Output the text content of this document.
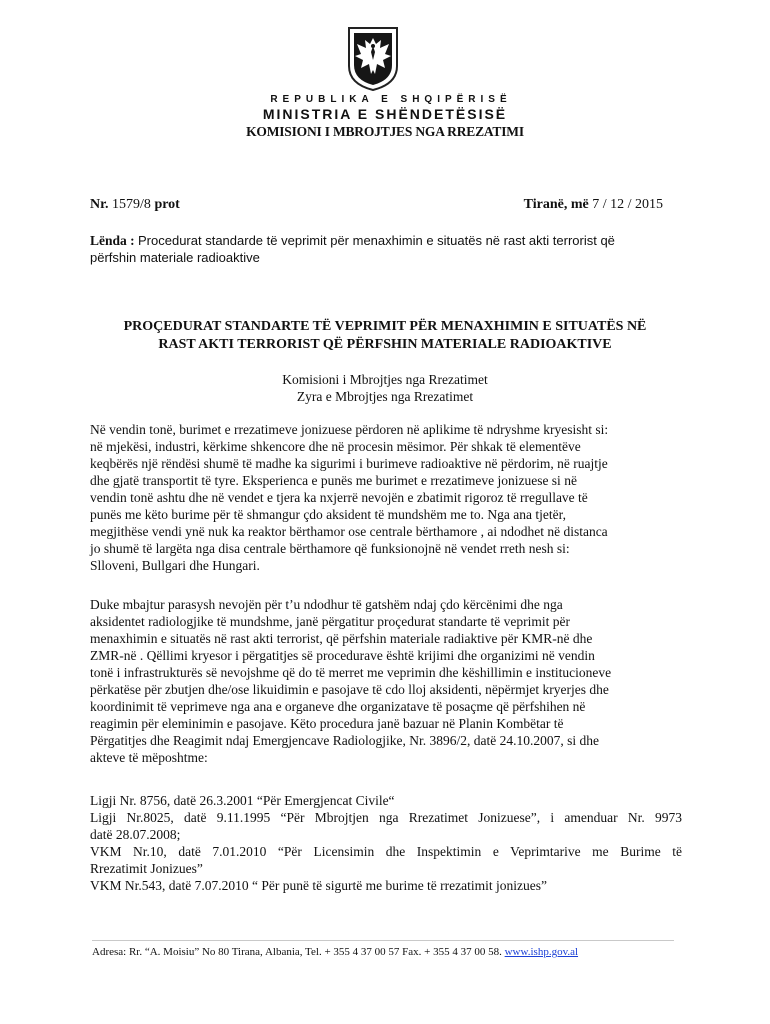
REPUBLIKA E SHQIPËRISË
MINISTRIA E SHËNDETËSISË
KOMISIONI I MBROJTJES NGA RREZATIMI
Nr. 1579/8 prot	Tiranë, më 7 / 12 / 2015
Lënda : Procedurat standarde të veprimit për menaxhimin e situatës në rast akti terrorist që
përfshin materiale radioaktive
PROÇEDURAT STANDARTE TË VEPRIMIT PËR MENAXHIMIN E SITUATËS NË
RAST AKTI TERRORIST QË PËRFSHIN MATERIALE RADIOAKTIVE
Komisioni i Mbrojtjes nga Rrezatimet
Zyra e Mbrojtjes nga Rrezatimet
Në vendin tonë, burimet e rrezatimeve jonizuese përdoren në aplikime të ndryshme kryesisht si:
në mjekësi, industri, kërkime shkencore dhe në procesin mësimor. Për shkak të elementëve
keqbërës një rëndësi shumë të madhe ka sigurimi i burimeve radioaktive në përdorim, në ruajtje
dhe gjatë transportit të tyre. Eksperienca e punës me burimet e rrezatimeve jonizuese si në
vendin tonë ashtu dhe në vendet e tjera ka nxjerrë nevojën e zbatimit rigoroz të rregullave të
punës me këto burime për të shmangur çdo aksident të mundshëm me to. Nga ana tjetër,
megjithëse vendi ynë nuk ka reaktor bërthamor ose centrale bërthamore , ai ndodhet në distanca
jo shumë të largëta nga disa centrale bërthamore që funksionojnë në vendet rreth nesh si:
Slloveni, Bullgari dhe Hungari.
Duke mbajtur parasysh nevojën për t’u ndodhur të gatshëm ndaj çdo kërcënimi dhe nga
aksidentet radiologjike të mundshme, janë përgatitur proçedurat standarte të veprimit për
menaxhimin e situatës në rast akti terrorist, që përfshin materiale radiaktive për KMR-në dhe
ZMR-në . Qëllimi kryesor i përgatitjes së procedurave është krijimi dhe organizimi në vendin
tonë i infrastrukturës së nevojshme që do të merret me veprimin dhe këshillimin e institucioneve
përkatëse për zbutjen dhe/ose likuidimin e pasojave të cdo lloj aksidenti, nëpërmjet kryerjes dhe
koordinimit të veprimeve nga ana e organeve dhe organizatave të posaçme që përfshihen në
reagimin për eleminimin e pasojave. Këto procedura janë bazuar në Planin Kombëtar të
Përgatitjes dhe Reagimit ndaj Emergjencave Radiologjike, Nr. 3896/2, datë 24.10.2007, si dhe
akteve të mëposhtme:
Ligji Nr. 8756, datë 26.3.2001 “Për Emergjencat Civile“
Ligji Nr.8025, datë 9.11.1995 “Për Mbrojtjen nga Rrezatimet Jonizuese”, i amenduar Nr. 9973
datë 28.07.2008;
VKM Nr.10, datë 7.01.2010 “Për Licensimin dhe Inspektimin e Veprimtarive me Burime të
Rrezatimit Jonizues”
VKM Nr.543, datë 7.07.2010 “ Për punë të sigurtë me burime të rrezatimit jonizues”
Adresa: Rr. “A. Moisiu” No 80 Tirana, Albania, Tel. + 355 4 37 00 57 Fax. + 355 4 37 00 58. www.ishp.gov.al
